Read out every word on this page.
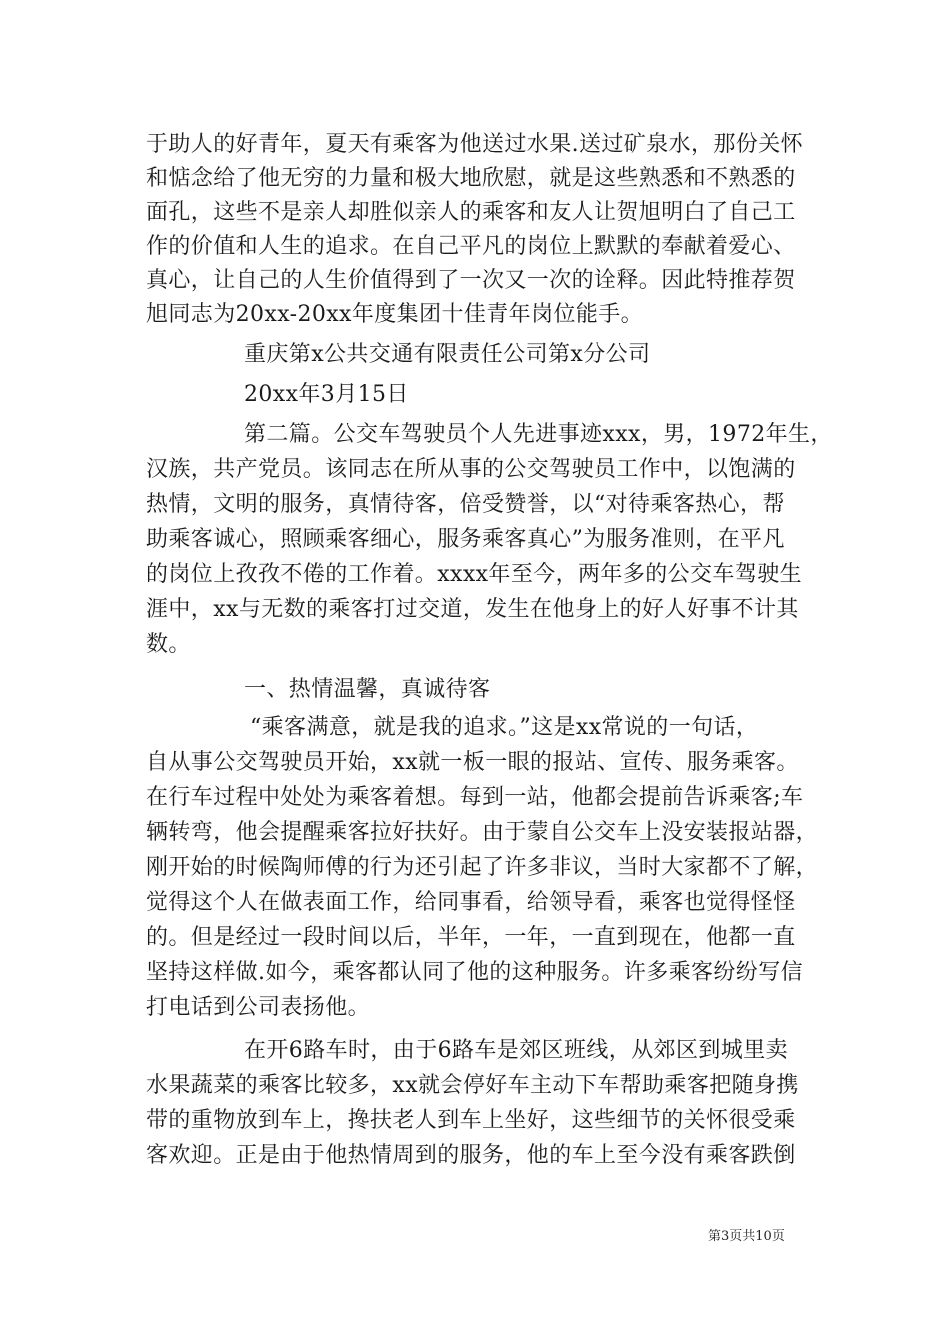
于助人的好青年，夏天有乘客为他送过水果.送过矿泉水，那份关怀
和惦念给了他无穷的力量和极大地欣慰，就是这些熟悉和不熟悉的
面孔，这些不是亲人却胜似亲人的乘客和友人让贺旭明白了自己工
作的价值和人生的追求。在自己平凡的岗位上默默的奉献着爱心、
真心，让自己的人生价值得到了一次又一次的诠释。因此特推荐贺
旭同志为20xx-20xx年度集团十佳青年岗位能手。
重庆第x公共交通有限责任公司第x分公司
20xx年3月15日
第二篇。公交车驾驶员个人先进事迹xxx，男，1972年生，
汉族，共产党员。该同志在所从事的公交驾驶员工作中，以饱满的
热情，文明的服务，真情待客，倍受赞誉，以“对待乘客热心，帮
助乘客诚心，照顾乘客细心，服务乘客真心”为服务准则，在平凡
的岗位上孜孜不倦的工作着。xxxx年至今，两年多的公交车驾驶生
涯中，xx与无数的乘客打过交道，发生在他身上的好人好事不计其
数。
一、热情温馨，真诚待客
“乘客满意，就是我的追求。”这是xx常说的一句话，
自从事公交驾驶员开始，xx就一板一眼的报站、宣传、服务乘客。
在行车过程中处处为乘客着想。每到一站，他都会提前告诉乘客;车
辆转弯，他会提醒乘客拉好扶好。由于蒙自公交车上没安装报站器，
刚开始的时候陶师傅的行为还引起了许多非议，当时大家都不了解，
觉得这个人在做表面工作，给同事看，给领导看，乘客也觉得怪怪
的。但是经过一段时间以后，半年，一年，一直到现在，他都一直
坚持这样做.如今，乘客都认同了他的这种服务。许多乘客纷纷写信
打电话到公司表扬他。
在开6路车时，由于6路车是郊区班线，从郊区到城里卖
水果蔬菜的乘客比较多，xx就会停好车主动下车帮助乘客把随身携
带的重物放到车上，搀扶老人到车上坐好，这些细节的关怀很受乘
客欢迎。正是由于他热情周到的服务，他的车上至今没有乘客跌倒
第3页共10页
